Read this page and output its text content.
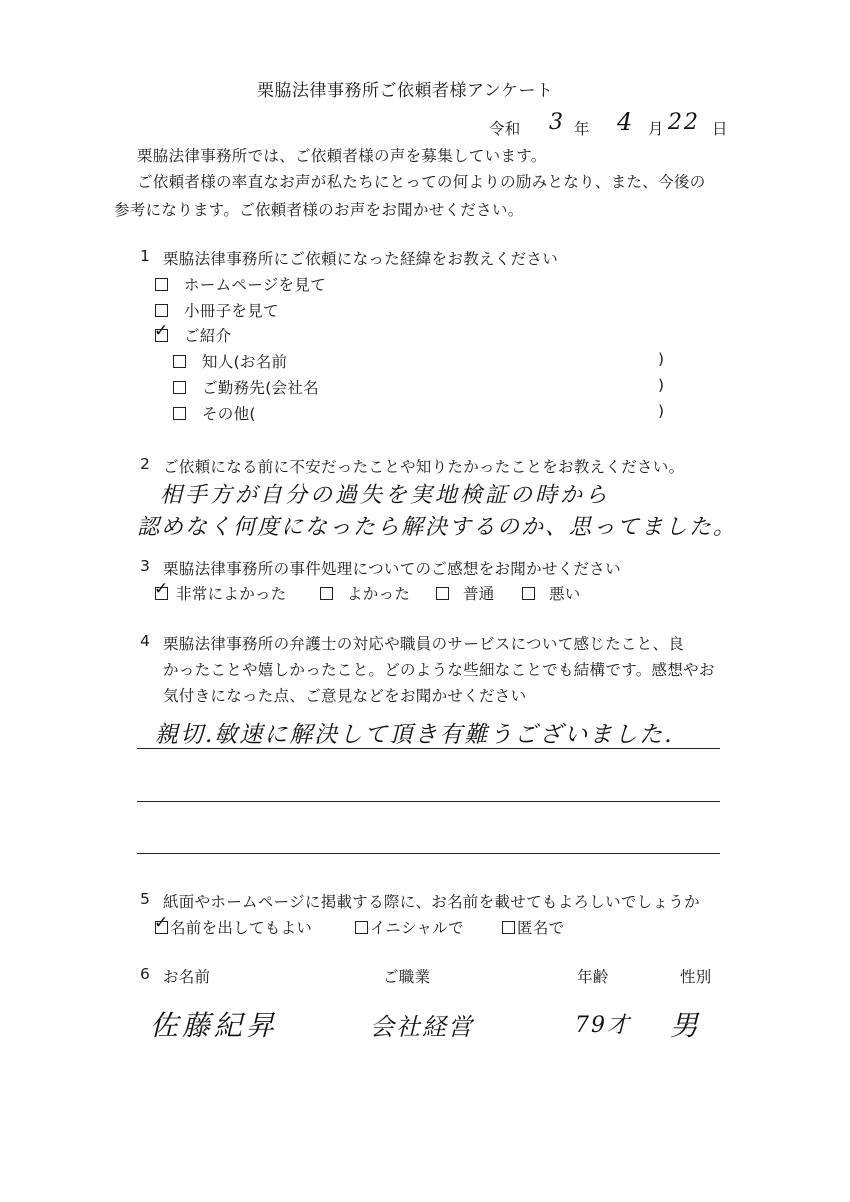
栗脇法律事務所ご依頼者様アンケート
令和 3 年 4 月 22 日
栗脇法律事務所では、ご依頼者様の声を募集しています。
ご依頼者様の率直なお声が私たちにとっての何よりの励みとなり、また、今後の
参考になります。ご依頼者様のお声をお聞かせください。
1 栗脇法律事務所にご依頼になった経緯をお教えください
ホームページを見て
小冊子を見て
✓ ご紹介
知人(お名前	)
ご勤務先(会社名	)
その他(	)
2 ご依頼になる前に不安だったことや知りたかったことをお教えください。
相手方が自分の過失を実地検証の時から
認めなく何度になったら解決するのか、思ってました。
3 栗脇法律事務所の事件処理についてのご感想をお聞かせください
✓ 非常によかった	よかった	普通	悪い
4 栗脇法律事務所の弁護士の対応や職員のサービスについて感じたこと、良
かったことや嬉しかったこと。どのような些細なことでも結構です。感想やお
気付きになった点、ご意見などをお聞かせください
親切.敏速に解決して頂き有難うございました.
5 紙面やホームページに掲載する際に、お名前を載せてもよろしいでしょうか
✓ 名前を出してもよい	イニシャルで	匿名で
6 お名前	ご職業	年齢	性別
佐藤紀昇	会社経営	79才 男
